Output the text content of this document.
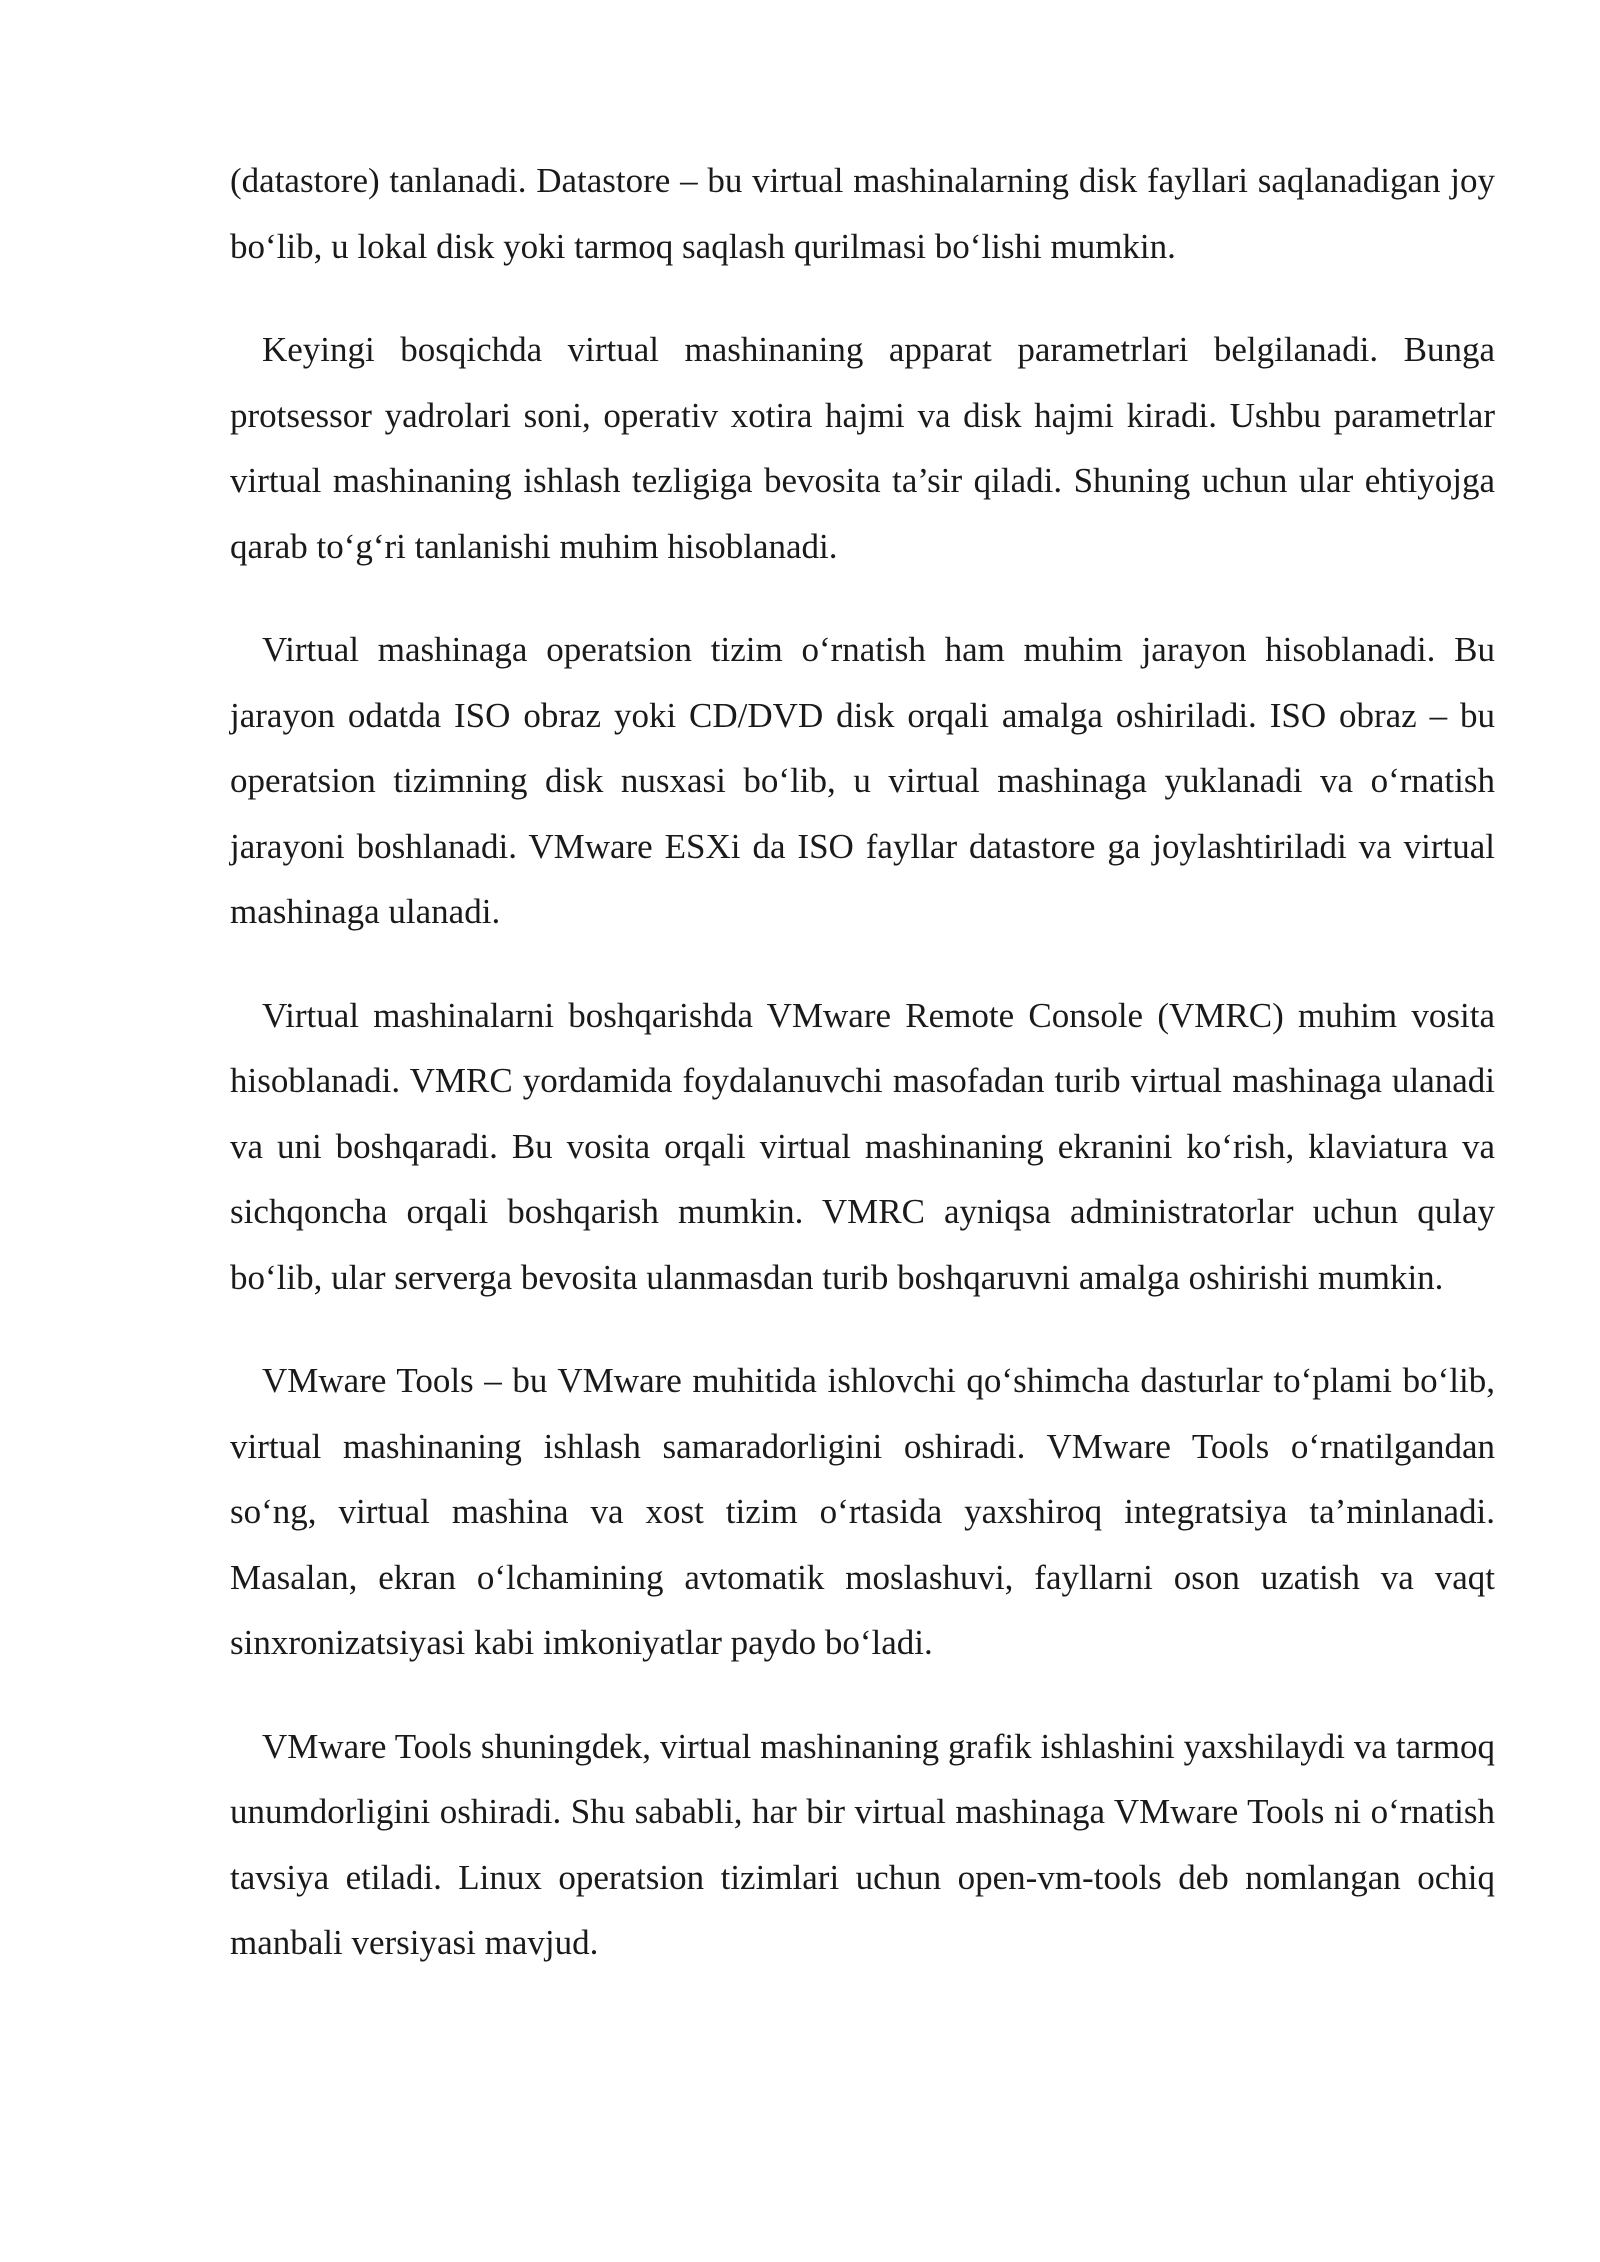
(datastore) tanlanadi. Datastore – bu virtual mashinalarning disk fayllari saqlanadigan joy bo‘lib, u lokal disk yoki tarmoq saqlash qurilmasi bo‘lishi mumkin.

Keyingi bosqichda virtual mashinaning apparat parametrlari belgilanadi. Bunga protsessor yadrolari soni, operativ xotira hajmi va disk hajmi kiradi. Ushbu parametrlar virtual mashinaning ishlash tezligiga bevosita ta’sir qiladi. Shuning uchun ular ehtiyojga qarab to‘g‘ri tanlanishi muhim hisoblanadi.

Virtual mashinaga operatsion tizim o‘rnatish ham muhim jarayon hisoblanadi. Bu jarayon odatda ISO obraz yoki CD/DVD disk orqali amalga oshiriladi. ISO obraz – bu operatsion tizimning disk nusxasi bo‘lib, u virtual mashinaga yuklanadi va o‘rnatish jarayoni boshlanadi. VMware ESXi da ISO fayllar datastore ga joylashtiriladi va virtual mashinaga ulanadi.

Virtual mashinalarni boshqarishda VMware Remote Console (VMRC) muhim vosita hisoblanadi. VMRC yordamida foydalanuvchi masofadan turib virtual mashinaga ulanadi va uni boshqaradi. Bu vosita orqali virtual mashinaning ekranini ko‘rish, klaviatura va sichqoncha orqali boshqarish mumkin. VMRC ayniqsa administratorlar uchun qulay bo‘lib, ular serverga bevosita ulanmasdan turib boshqaruvni amalga oshirishi mumkin.

VMware Tools – bu VMware muhitida ishlovchi qo‘shimcha dasturlar to‘plami bo‘lib, virtual mashinaning ishlash samaradorligini oshiradi. VMware Tools o‘rnatilgandan so‘ng, virtual mashina va xost tizim o‘rtasida yaxshiroq integratsiya ta’minlanadi. Masalan, ekran o‘lchamining avtomatik moslashuvi, fayllarni oson uzatish va vaqt sinxronizatsiyasi kabi imkoniyatlar paydo bo‘ladi.

VMware Tools shuningdek, virtual mashinaning grafik ishlashini yaxshilaydi va tarmoq unumdorligini oshiradi. Shu sababli, har bir virtual mashinaga VMware Tools ni o‘rnatish tavsiya etiladi. Linux operatsion tizimlari uchun open-vm-tools deb nomlangan ochiq manbali versiyasi mavjud.
